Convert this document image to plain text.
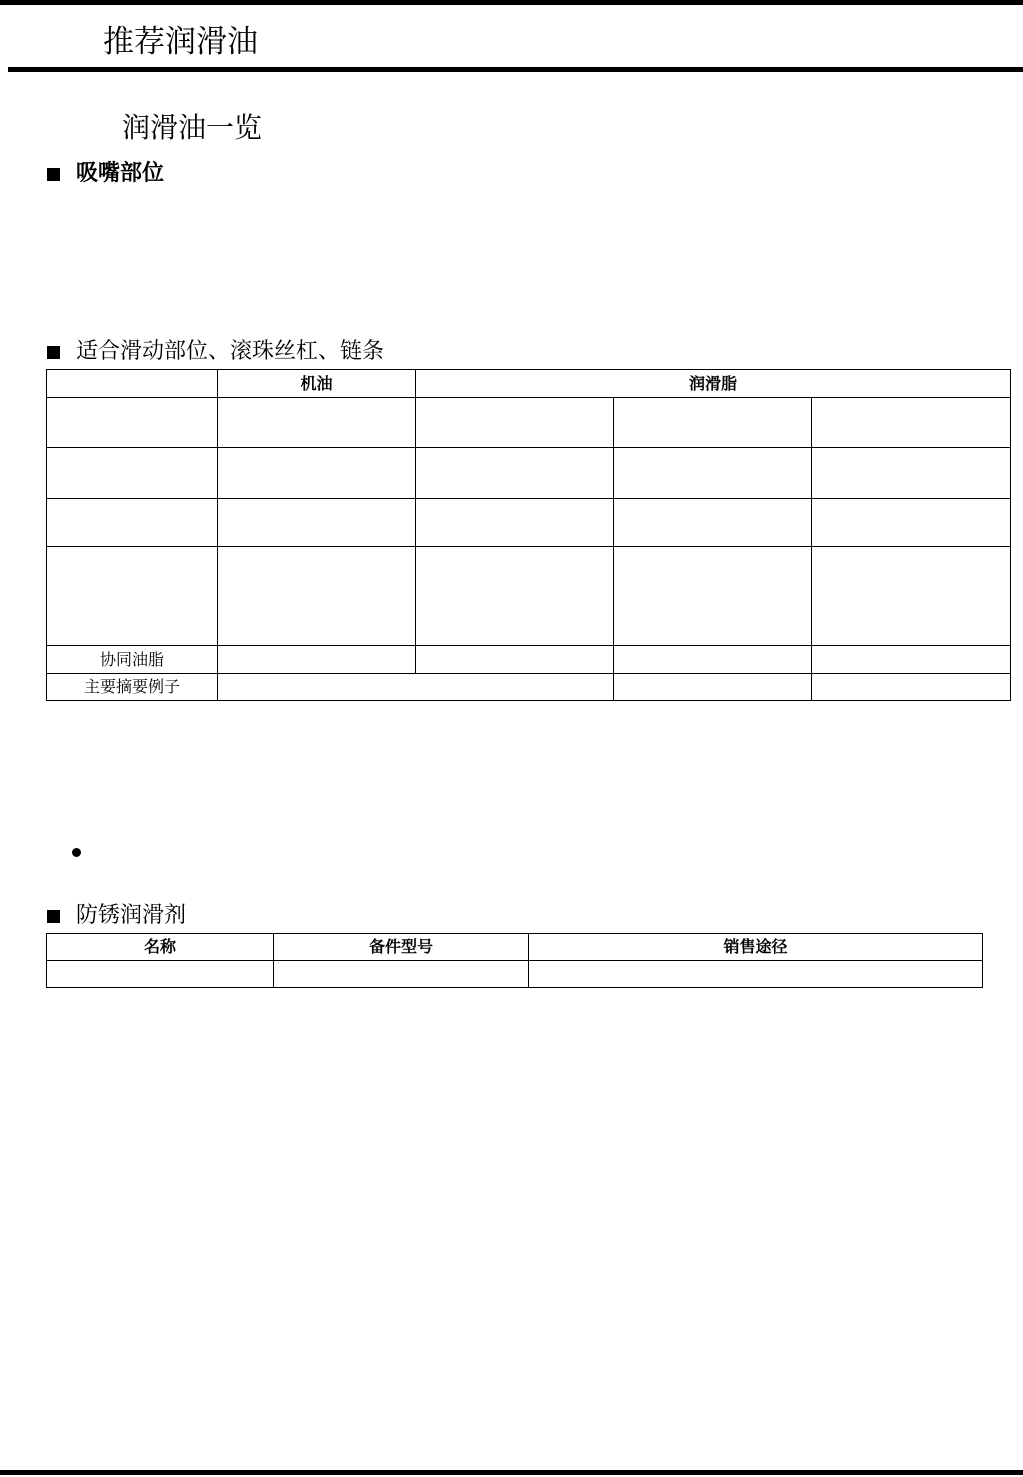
推荐润滑油
润滑油一览
吸嘴部位
适合滑动部位、滚珠丝杠、链条
	机油	润滑脂		

协同油脂				
主要摘要例子				
防锈润滑剂
名称	备件型号	销售途径
